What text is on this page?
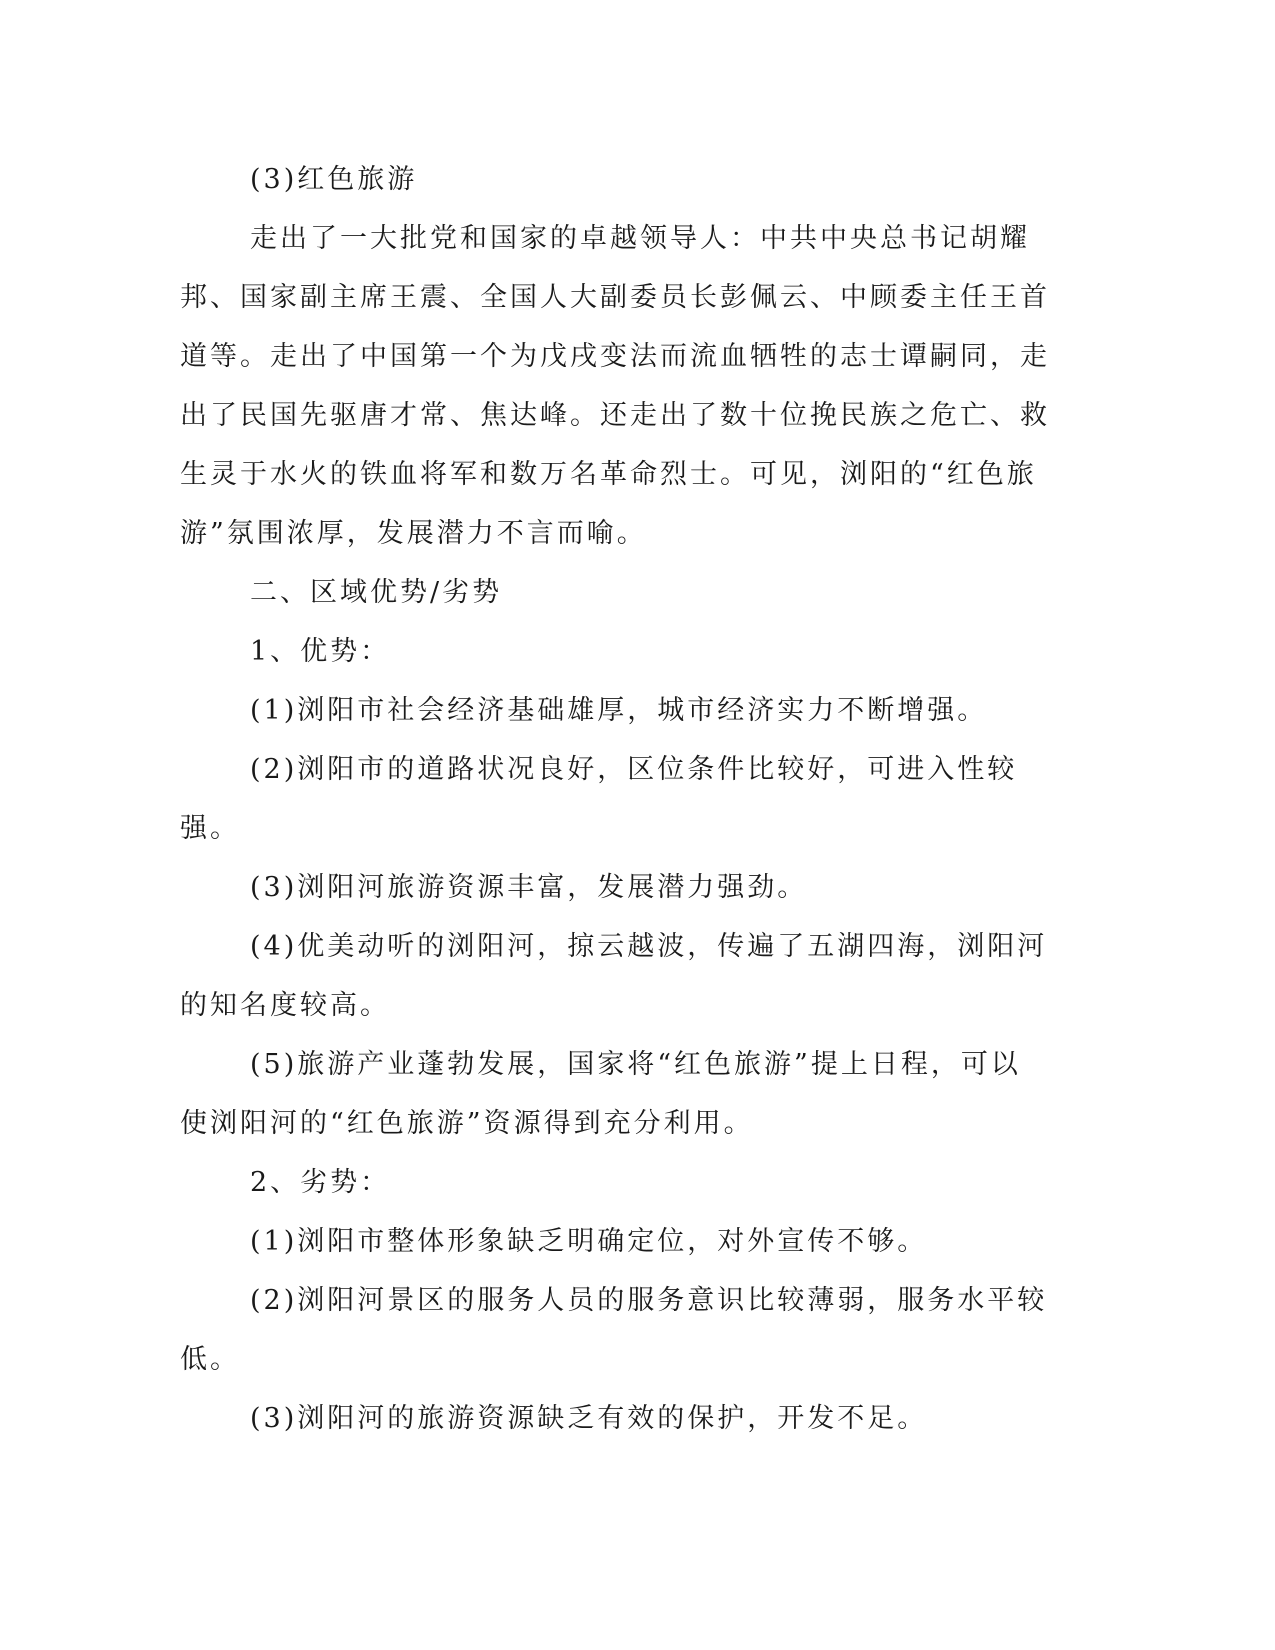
(3)红色旅游

走出了一大批党和国家的卓越领导人：中共中央总书记胡耀邦、国家副主席王震、全国人大副委员长彭佩云、中顾委主任王首道等。走出了中国第一个为戊戌变法而流血牺牲的志士谭嗣同，走出了民国先驱唐才常、焦达峰。还走出了数十位挽民族之危亡、救生灵于水火的铁血将军和数万名革命烈士。可见，浏阳的“红色旅游”氛围浓厚，发展潜力不言而喻。

二、区域优势/劣势

1、优势：

(1)浏阳市社会经济基础雄厚，城市经济实力不断增强。

(2)浏阳市的道路状况良好，区位条件比较好，可进入性较强。

(3)浏阳河旅游资源丰富，发展潜力强劲。

(4)优美动听的浏阳河，掠云越波，传遍了五湖四海，浏阳河的知名度较高。

(5)旅游产业蓬勃发展，国家将“红色旅游”提上日程，可以使浏阳河的“红色旅游”资源得到充分利用。

2、劣势：

(1)浏阳市整体形象缺乏明确定位，对外宣传不够。

(2)浏阳河景区的服务人员的服务意识比较薄弱，服务水平较低。

(3)浏阳河的旅游资源缺乏有效的保护，开发不足。
